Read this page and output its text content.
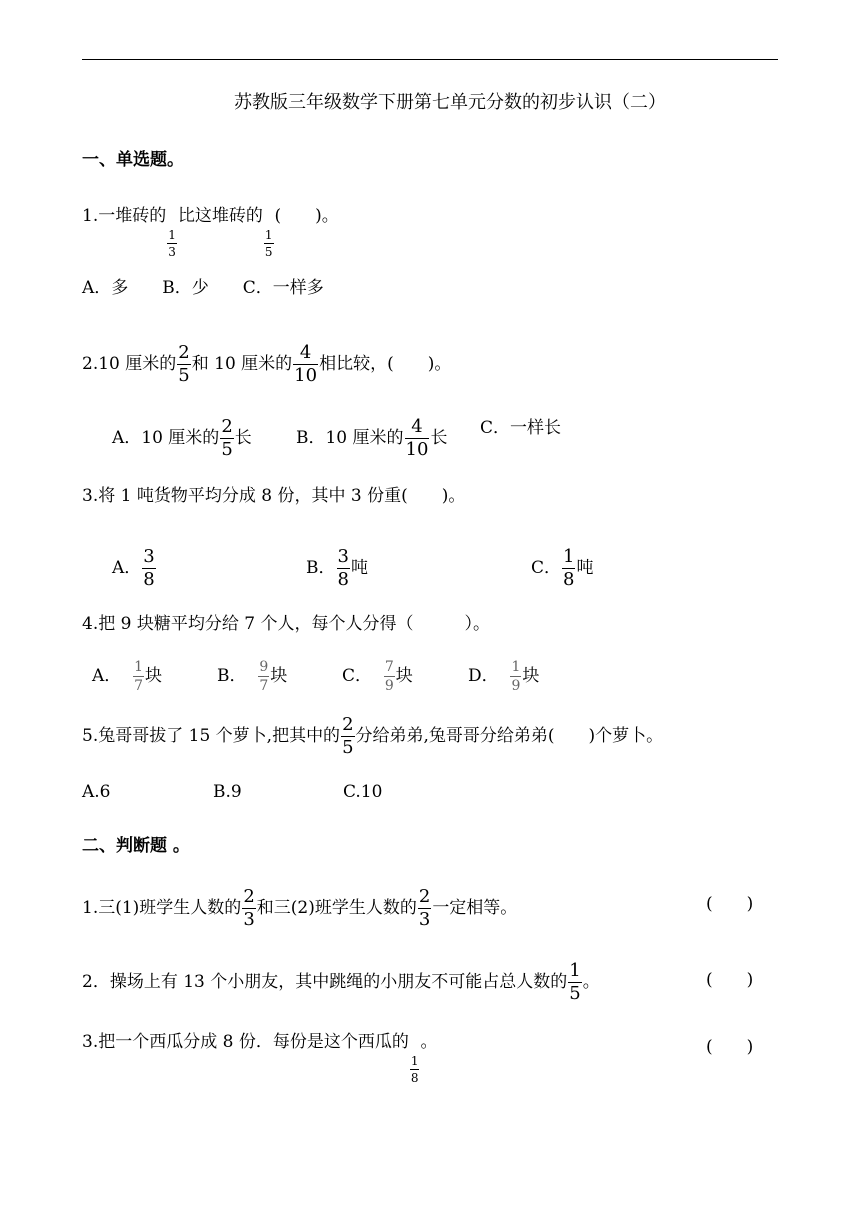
苏教版三年级数学下册第七单元分数的初步认识（二）
一、单选题。
1.一堆砖的
$\frac{1}{3}$
比这堆砖的
$\frac{1}{5}$
(　　)。
A．多　　B．少　　C．一样多
2.10 厘米的 $\frac{2}{5}$ 和 10 厘米的 $\frac{4}{10}$ 相比较，(　　)。
A．10 厘米的 $\frac{2}{5}$ 长	B．10 厘米的 $\frac{4}{10}$ 长 C．一样长
3.将 1 吨货物平均分成 8 份，其中 3 份重(　　)。
A． $\frac{3}{8}$	B． $\frac{3}{8}$ 吨	C． $\frac{1}{8}$ 吨
4.把 9 块糖平均分给 7 个人，每个人分得（　　　）。
A． $\frac{1}{7}$ 块	B． $\frac{9}{7}$ 块	C． $\frac{7}{9}$ 块	D． $\frac{1}{9}$ 块
5.兔哥哥拔了 15 个萝卜,把其中的 $\frac{2}{5}$ 分给弟弟,兔哥哥分给弟弟(　　)个萝卜。
A.6	B.9	C.10
二、判断题 。
1.三(1)班学生人数的 $\frac{2}{3}$ 和三(2)班学生人数的 $\frac{2}{3}$ 一定相等。	(　　)
2．操场上有 13 个小朋友，其中跳绳的小朋友不可能占总人数的 $\frac{1}{5}$ 。	(　　)
3.把一个西瓜分成 8 份．每份是这个西瓜的
$\frac{1}{8}$
。	(　　)
